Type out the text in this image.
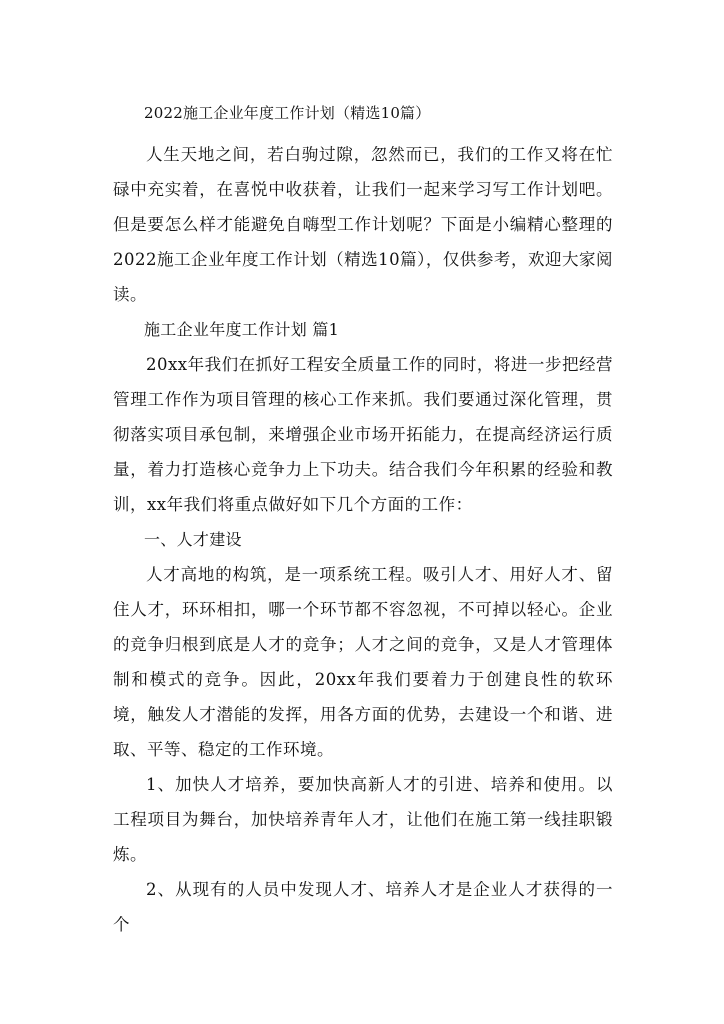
2022施工企业年度工作计划（精选10篇）

人生天地之间，若白驹过隙，忽然而已，我们的工作又将在忙碌中充实着，在喜悦中收获着，让我们一起来学习写工作计划吧。但是要怎么样才能避免自嗨型工作计划呢？下面是小编精心整理的2022施工企业年度工作计划（精选10篇），仅供参考，欢迎大家阅读。

施工企业年度工作计划 篇1

20xx年我们在抓好工程安全质量工作的同时，将进一步把经营管理工作作为项目管理的核心工作来抓。我们要通过深化管理，贯彻落实项目承包制，来增强企业市场开拓能力，在提高经济运行质量，着力打造核心竞争力上下功夫。结合我们今年积累的经验和教训，xx年我们将重点做好如下几个方面的工作：

一、人才建设

人才高地的构筑，是一项系统工程。吸引人才、用好人才、留住人才，环环相扣，哪一个环节都不容忽视，不可掉以轻心。企业的竞争归根到底是人才的竞争；人才之间的竞争，又是人才管理体制和模式的竞争。因此，20xx年我们要着力于创建良性的软环境，触发人才潜能的发挥，用各方面的优势，去建设一个和谐、进取、平等、稳定的工作环境。

1、加快人才培养，要加快高新人才的引进、培养和使用。以工程项目为舞台，加快培养青年人才，让他们在施工第一线挂职锻炼。

2、从现有的人员中发现人才、培养人才是企业人才获得的一个
